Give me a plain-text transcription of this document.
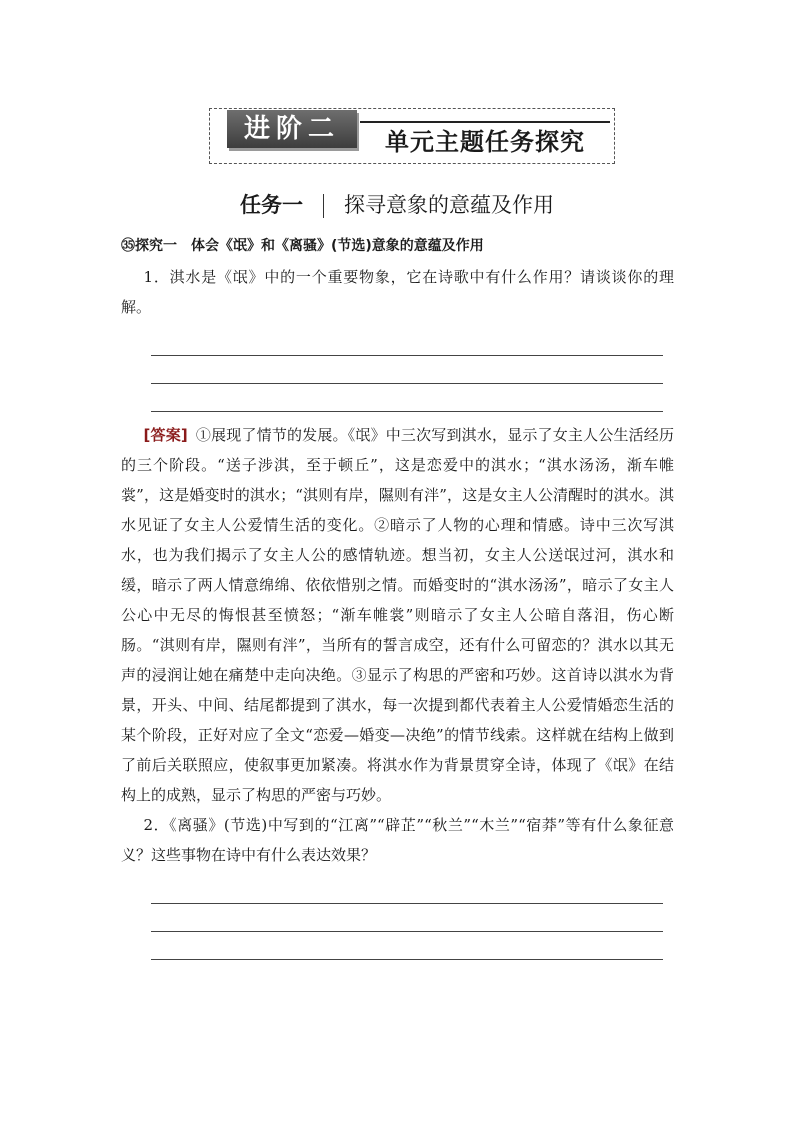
进阶二	单元主题任务探究
任务一 探寻意象的意蕴及作用
㉟探究一　体会《氓》和《离骚》(节选)意象的意蕴及作用

1．淇水是《氓》中的一个重要物象，它在诗歌中有什么作用？请谈谈你的理解。

[答案] ①展现了情节的发展。《氓》中三次写到淇水，显示了女主人公生活经历的三个阶段。“送子涉淇，至于顿丘”，这是恋爱中的淇水；“淇水汤汤，渐车帷裳”，这是婚变时的淇水；“淇则有岸，隰则有泮”，这是女主人公清醒时的淇水。淇水见证了女主人公爱情生活的变化。②暗示了人物的心理和情感。诗中三次写淇水，也为我们揭示了女主人公的感情轨迹。想当初，女主人公送氓过河，淇水和缓，暗示了两人情意绵绵、依依惜别之情。而婚变时的“淇水汤汤”，暗示了女主人公心中无尽的悔恨甚至愤怒；“渐车帷裳”则暗示了女主人公暗自落泪，伤心断肠。“淇则有岸，隰则有泮”，当所有的誓言成空，还有什么可留恋的？淇水以其无声的浸润让她在痛楚中走向决绝。③显示了构思的严密和巧妙。这首诗以淇水为背景，开头、中间、结尾都提到了淇水，每一次提到都代表着主人公爱情婚恋生活的某个阶段，正好对应了全文“恋爱—婚变—决绝”的情节线索。这样就在结构上做到了前后关联照应，使叙事更加紧凑。将淇水作为背景贯穿全诗，体现了《氓》在结构上的成熟，显示了构思的严密与巧妙。

2．《离骚》(节选)中写到的“江离”“辟芷”“秋兰”“木兰”“宿莽”等有什么象征意义？这些事物在诗中有什么表达效果？
